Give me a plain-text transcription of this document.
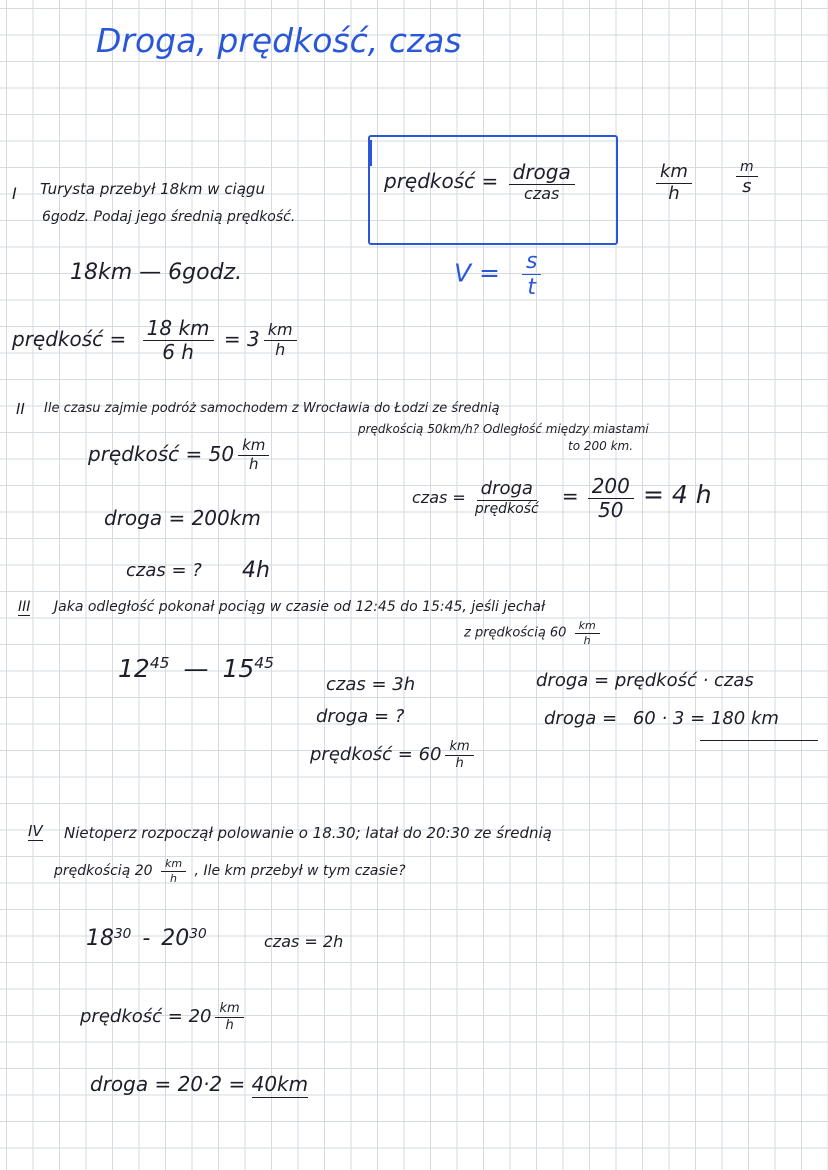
Droga, prędkość, czas
prędkość = $\frac{\text{droga}}{\text{czas}}$	$\frac{km}{h}$	$\frac{m}{s}$
$V = \frac{s}{t}$
I Turysta przebył 18km w ciągu
6godz. Podaj jego średnią prędkość.
18km — 6godz.
prędkość = $\frac{18 km}{6 h} = 3 \frac{km}{h}$
II Ile czasu zajmie podróż samochodem z Wrocławia do Łodzi ze średnią
prędkością 50km/h? Odległość między miastami
to 200 km.
prędkość = $50 \frac{km}{h}$
droga = 200km
czas = ? 4h
czas = $\frac{\text{droga}}{\text{prędkość}} = \frac{200}{50} = 4$ h
III Jaka odległość pokonał pociąg w czasie od 12:45 do 15:45, jeśli jechał
z prędkością $60 \frac{km}{h}$
$12^{45}$ — $15^{45}$
czas = 3h
droga = ?
prędkość = $60 \frac{km}{h}$
droga = prędkość · czas
droga = 60 · 3 = 180 km
IV Nietoperz rozpoczął polowanie o 18.30; latał do 20:30 ze średnią
prędkością $20 \frac{km}{h}$ , Ile km przebył w tym czasie?
$18^{30} - 20^{30}$	czas = 2h
prędkość = $20 \frac{km}{h}$
droga = 20·2 = 40km
